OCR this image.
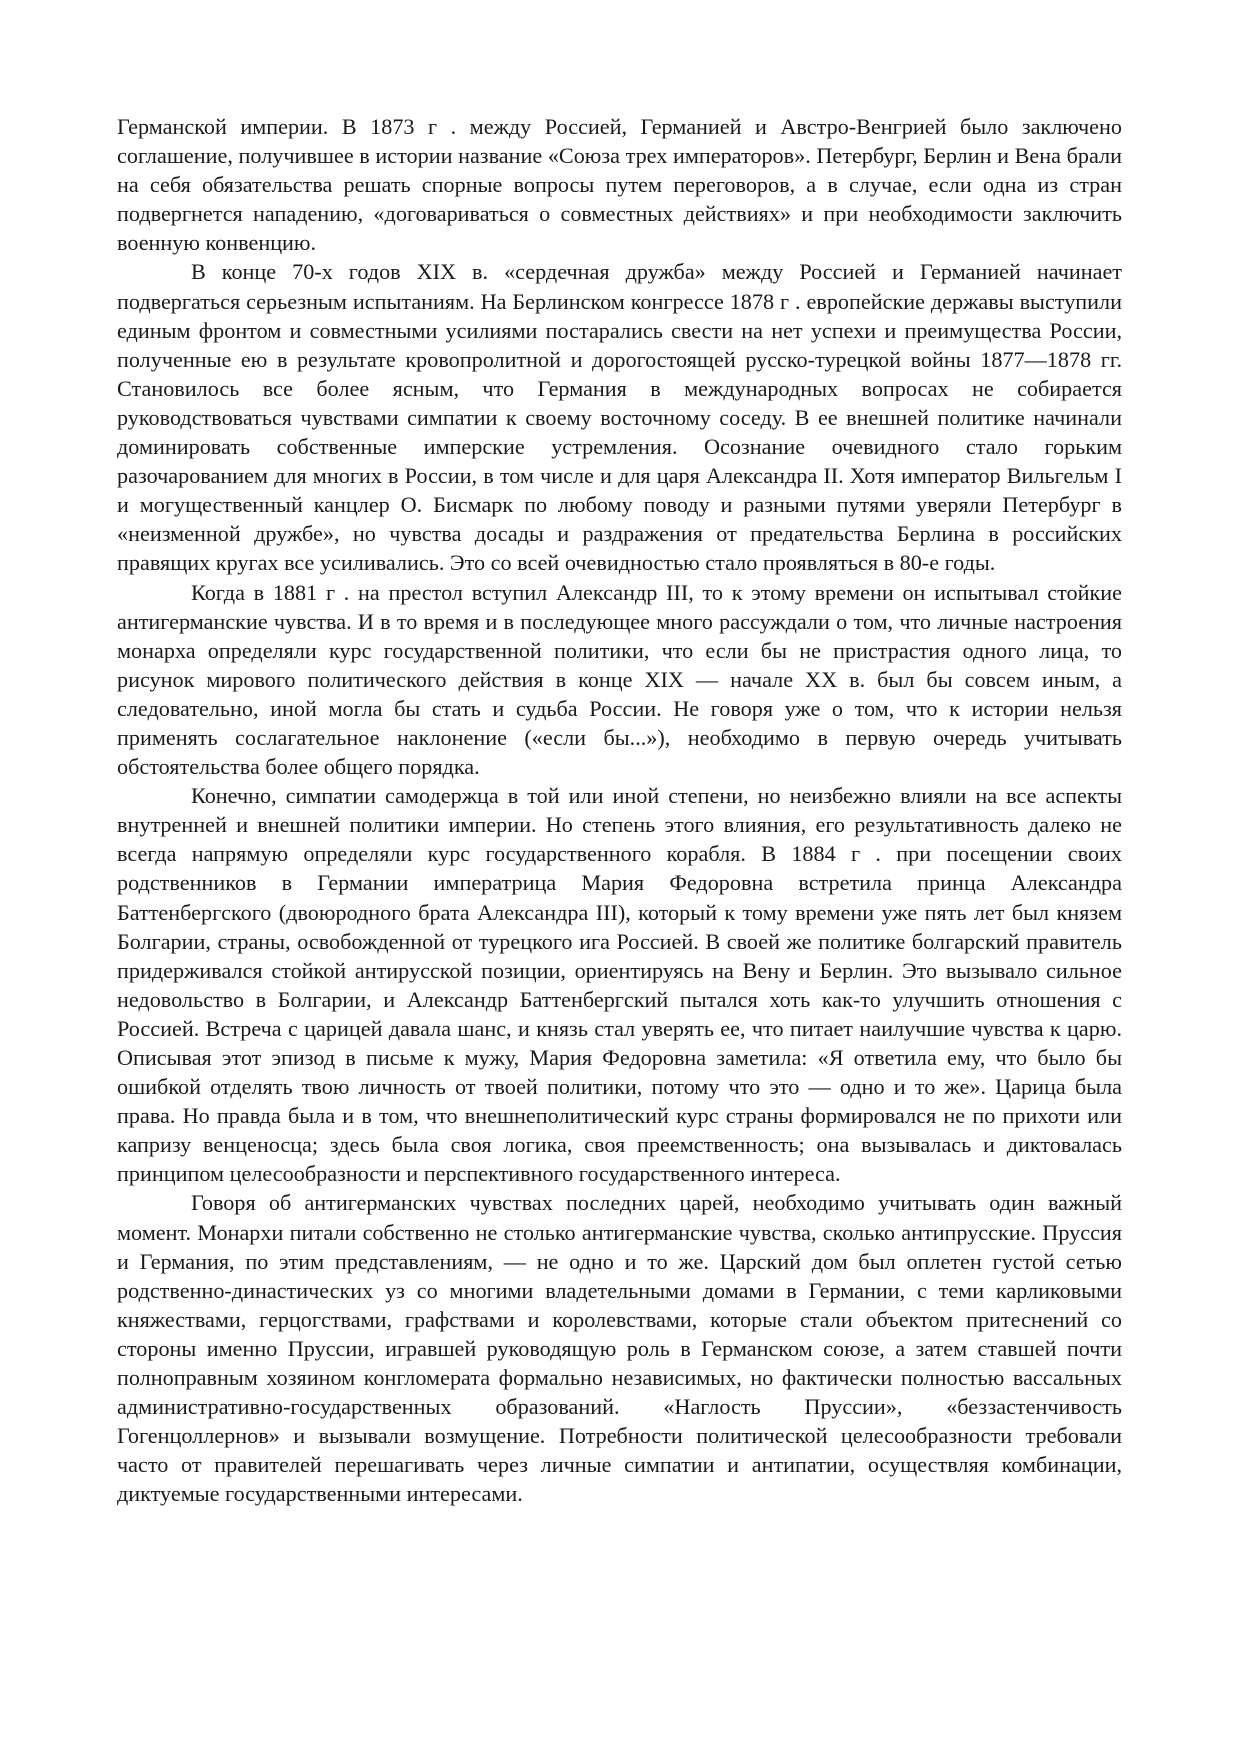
Германской империи. В 1873 г . между Россией, Германией и Австро-Венгрией было заключено соглашение, получившее в истории название «Союза трех императоров». Петербург, Берлин и Вена брали на себя обязательства решать спорные вопросы путем переговоров, а в случае, если одна из стран подвергнется нападению, «договариваться о совместных действиях» и при необходимости заключить военную конвенцию.

В конце 70-х годов XIX в. «сердечная дружба» между Россией и Германией начинает подвергаться серьезным испытаниям. На Берлинском конгрессе 1878 г . европейские державы выступили единым фронтом и совместными усилиями постарались свести на нет успехи и преимущества России, полученные ею в результате кровопролитной и дорогостоящей русско-турецкой войны 1877—1878 гг. Становилось все более ясным, что Германия в международных вопросах не собирается руководствоваться чувствами симпатии к своему восточному соседу. В ее внешней политике начинали доминировать собственные имперские устремления. Осознание очевидного стало горьким разочарованием для многих в России, в том числе и для царя Александра II. Хотя император Вильгельм I и могущественный канцлер О. Бисмарк по любому поводу и разными путями уверяли Петербург в «неизменной дружбе», но чувства досады и раздражения от предательства Берлина в российских правящих кругах все усиливались. Это со всей очевидностью стало проявляться в 80-е годы.

Когда в 1881 г . на престол вступил Александр III, то к этому времени он испытывал стойкие антигерманские чувства. И в то время и в последующее много рассуждали о том, что личные настроения монарха определяли курс государственной политики, что если бы не пристрастия одного лица, то рисунок мирового политического действия в конце XIX — начале XX в. был бы совсем иным, а следовательно, иной могла бы стать и судьба России. Не говоря уже о том, что к истории нельзя применять сослагательное наклонение («если бы...»), необходимо в первую очередь учитывать обстоятельства более общего порядка.

Конечно, симпатии самодержца в той или иной степени, но неизбежно влияли на все аспекты внутренней и внешней политики империи. Но степень этого влияния, его результативность далеко не всегда напрямую определяли курс государственного корабля. В 1884 г . при посещении своих родственников в Германии императрица Мария Федоровна встретила принца Александра Баттенбергского (двоюродного брата Александра III), который к тому времени уже пять лет был князем Болгарии, страны, освобожденной от турецкого ига Россией. В своей же политике болгарский правитель придерживался стойкой антирусской позиции, ориентируясь на Вену и Берлин. Это вызывало сильное недовольство в Болгарии, и Александр Баттенбергский пытался хоть как-то улучшить отношения с Россией. Встреча с царицей давала шанс, и князь стал уверять ее, что питает наилучшие чувства к царю. Описывая этот эпизод в письме к мужу, Мария Федоровна заметила: «Я ответила ему, что было бы ошибкой отделять твою личность от твоей политики, потому что это — одно и то же». Царица была права. Но правда была и в том, что внешнеполитический курс страны формировался не по прихоти или капризу венценосца; здесь была своя логика, своя преемственность; она вызывалась и диктовалась принципом целесообразности и перспективного государственного интереса.

Говоря об антигерманских чувствах последних царей, необходимо учитывать один важный момент. Монархи питали собственно не столько антигерманские чувства, сколько антипрусские. Пруссия и Германия, по этим представлениям, — не одно и то же. Царский дом был оплетен густой сетью родственно-династических уз со многими владетельными домами в Германии, с теми карликовыми княжествами, герцогствами, графствами и королевствами, которые стали объектом притеснений со стороны именно Пруссии, игравшей руководящую роль в Германском союзе, а затем ставшей почти полноправным хозяином конгломерата формально независимых, но фактически полностью вассальных административно-государственных образований. «Наглость Пруссии», «беззастенчивость Гогенцоллернов» и вызывали возмущение. Потребности политической целесообразности требовали часто от правителей перешагивать через личные симпатии и антипатии, осуществляя комбинации, диктуемые государственными интересами.
